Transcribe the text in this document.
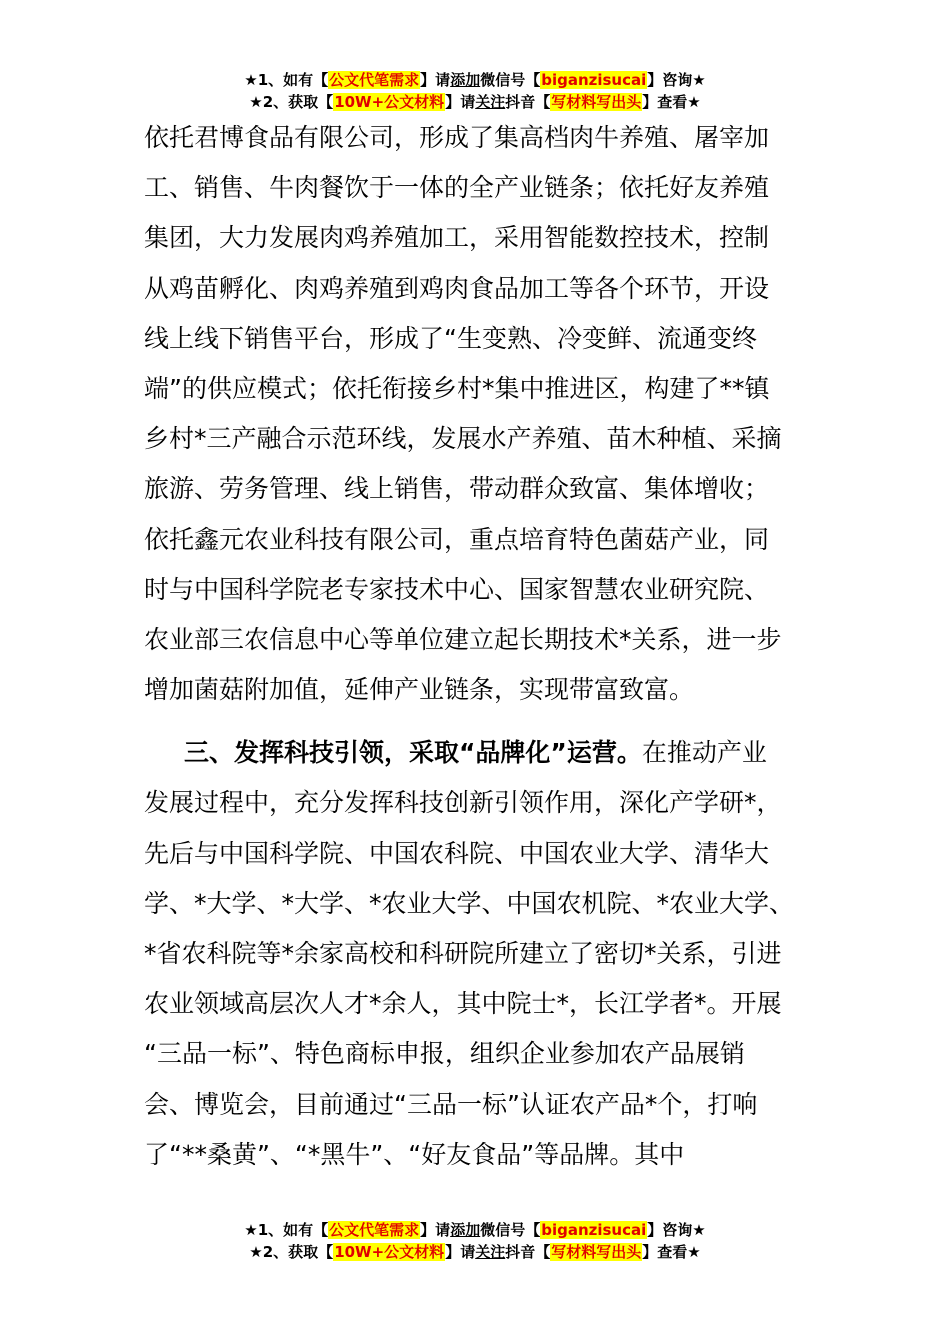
★1、如有【公文代笔需求】请添加微信号【biganzisucai】咨询★
★2、获取【10W+公文材料】请关注抖音【写材料写出头】查看★
依托君博食品有限公司，形成了集高档肉牛养殖、屠宰加
工、销售、牛肉餐饮于一体的全产业链条；依托好友养殖
集团，大力发展肉鸡养殖加工，采用智能数控技术，控制
从鸡苗孵化、肉鸡养殖到鸡肉食品加工等各个环节，开设
线上线下销售平台，形成了“生变熟、冷变鲜、流通变终
端”的供应模式；依托衔接乡村*集中推进区，构建了**镇
乡村*三产融合示范环线，发展水产养殖、苗木种植、采摘
旅游、劳务管理、线上销售，带动群众致富、集体增收；
依托鑫元农业科技有限公司，重点培育特色菌菇产业，同
时与中国科学院老专家技术中心、国家智慧农业研究院、
农业部三农信息中心等单位建立起长期技术*关系，进一步
增加菌菇附加值，延伸产业链条，实现带富致富。
三、发挥科技引领，采取“品牌化”运营。在推动产业
发展过程中，充分发挥科技创新引领作用，深化产学研*，
先后与中国科学院、中国农科院、中国农业大学、清华大
学、*大学、*大学、*农业大学、中国农机院、*农业大学、
*省农科院等*余家高校和科研院所建立了密切*关系，引进
农业领域高层次人才*余人，其中院士*，长江学者*。开展
“三品一标”、特色商标申报，组织企业参加农产品展销
会、博览会，目前通过“三品一标”认证农产品*个，打响
了“**桑黄”、“*黑牛”、“好友食品”等品牌。其中
★1、如有【公文代笔需求】请添加微信号【biganzisucai】咨询★
★2、获取【10W+公文材料】请关注抖音【写材料写出头】查看★
